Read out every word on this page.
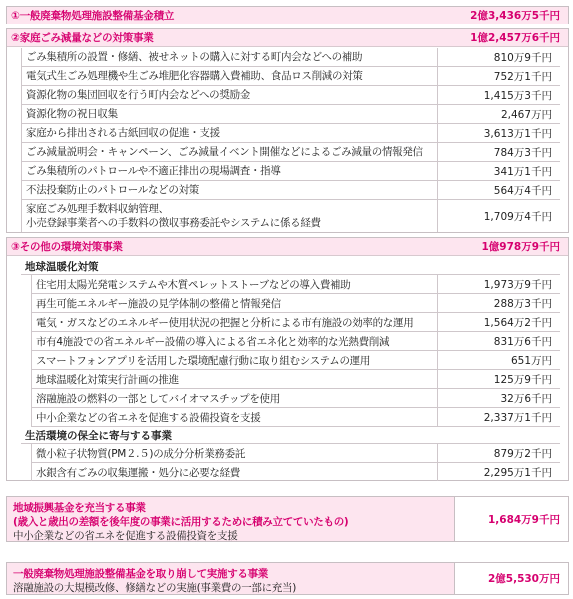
①一般廃棄物処理施設整備基金積立	2億3,436万5千円
②家庭ごみ減量などの対策事業	1億2,457万6千円
ごみ集積所の設置・修繕、被せネットの購入に対する町内会などへの補助	810万9千円
電気式生ごみ処理機や生ごみ堆肥化容器購入費補助、食品ロス削減の対策	752万1千円
資源化物の集団回収を行う町内会などへの奨励金	1,415万3千円
資源化物の祝日収集	2,467万円
家庭から排出される古紙回収の促進・支援	3,613万1千円
ごみ減量説明会・キャンペーン、ごみ減量イベント開催などによるごみ減量の情報発信	784万3千円
ごみ集積所のパトロールや不適正排出の現場調査・指導	341万1千円
不法投棄防止のパトロールなどの対策	564万4千円
家庭ごみ処理手数料収納管理、
小売登録事業者への手数料の徴収事務委託やシステムに係る経費
1,709万4千円
③その他の環境対策事業	1億978万9千円
地球温暖化対策
住宅用太陽光発電システムや木質ペレットストーブなどの導入費補助	1,973万9千円
再生可能エネルギー施設の見学体制の整備と情報発信	288万3千円
電気・ガスなどのエネルギー使用状況の把握と分析による市有施設の効率的な運用	1,564万2千円
市有4施設での省エネルギー設備の導入による省エネ化と効率的な光熱費削減	831万6千円
スマートフォンアプリを活用した環境配慮行動に取り組むシステムの運用	651万円
地球温暖化対策実行計画の推進	125万9千円
溶融施設の燃料の一部としてバイオマスチップを使用	32万6千円
中小企業などの省エネを促進する設備投資を支援	2,337万1千円
生活環境の保全に寄与する事業
微小粒子状物質(PM２.５)の成分分析業務委託	879万2千円
水銀含有ごみの収集運搬・処分に必要な経費	2,295万1千円
地域振興基金を充当する事業
(歳入と歳出の差額を後年度の事業に活用するために積み立てていたもの)
中小企業などの省エネを促進する設備投資を支援
1,684万9千円
一般廃棄物処理施設整備基金を取り崩して実施する事業
溶融施設の大規模改修、修繕などの実施(事業費の一部に充当)
2億5,530万円
